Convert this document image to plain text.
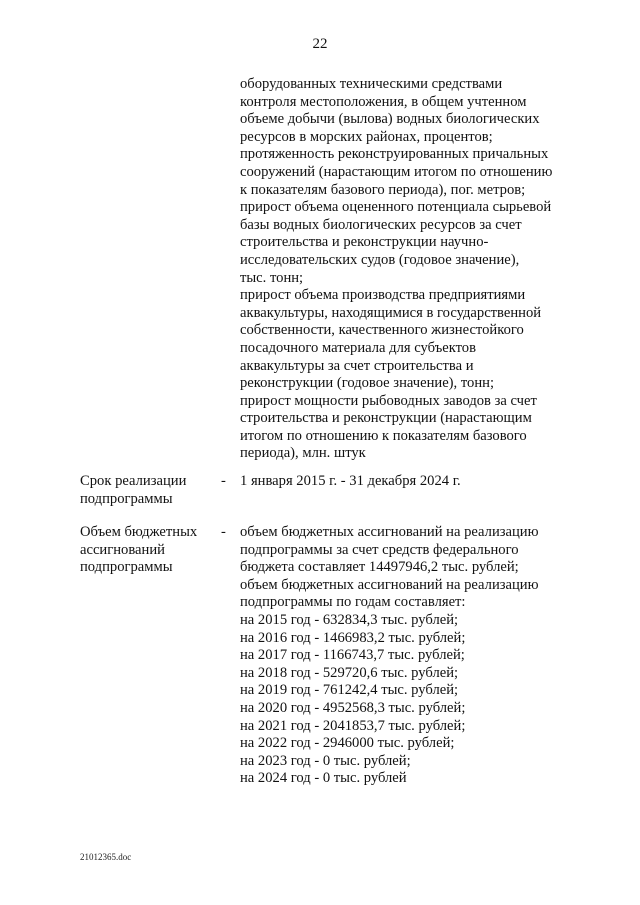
22
оборудованных техническими средствами
контроля местоположения, в общем учтенном
объеме добычи (вылова) водных биологических
ресурсов в морских районах, процентов;
протяженность реконструированных причальных
сооружений (нарастающим итогом по отношению
к показателям базового периода), пог. метров;
прирост объема оцененного потенциала сырьевой
базы водных биологических ресурсов за счет
строительства и реконструкции научно-
исследовательских судов (годовое значение),
тыс. тонн;
прирост объема производства предприятиями
аквакультуры, находящимися в государственной
собственности, качественного жизнестойкого
посадочного материала для субъектов
аквакультуры за счет строительства и
реконструкции (годовое значение), тонн;
прирост мощности рыбоводных заводов за счет
строительства и реконструкции (нарастающим
итогом по отношению к показателям базового
периода), млн. штук
Срок реализации
подпрограммы
- 1 января 2015 г. - 31 декабря 2024 г.
Объем бюджетных
ассигнований
подпрограммы
- объем бюджетных ассигнований на реализацию
подпрограммы за счет средств федерального
бюджета составляет 14497946,2 тыс. рублей;
объем бюджетных ассигнований на реализацию
подпрограммы по годам составляет:
на 2015 год - 632834,3 тыс. рублей;
на 2016 год - 1466983,2 тыс. рублей;
на 2017 год - 1166743,7 тыс. рублей;
на 2018 год - 529720,6 тыс. рублей;
на 2019 год - 761242,4 тыс. рублей;
на 2020 год - 4952568,3 тыс. рублей;
на 2021 год - 2041853,7 тыс. рублей;
на 2022 год - 2946000 тыс. рублей;
на 2023 год - 0 тыс. рублей;
на 2024 год - 0 тыс. рублей
21012365.doc
